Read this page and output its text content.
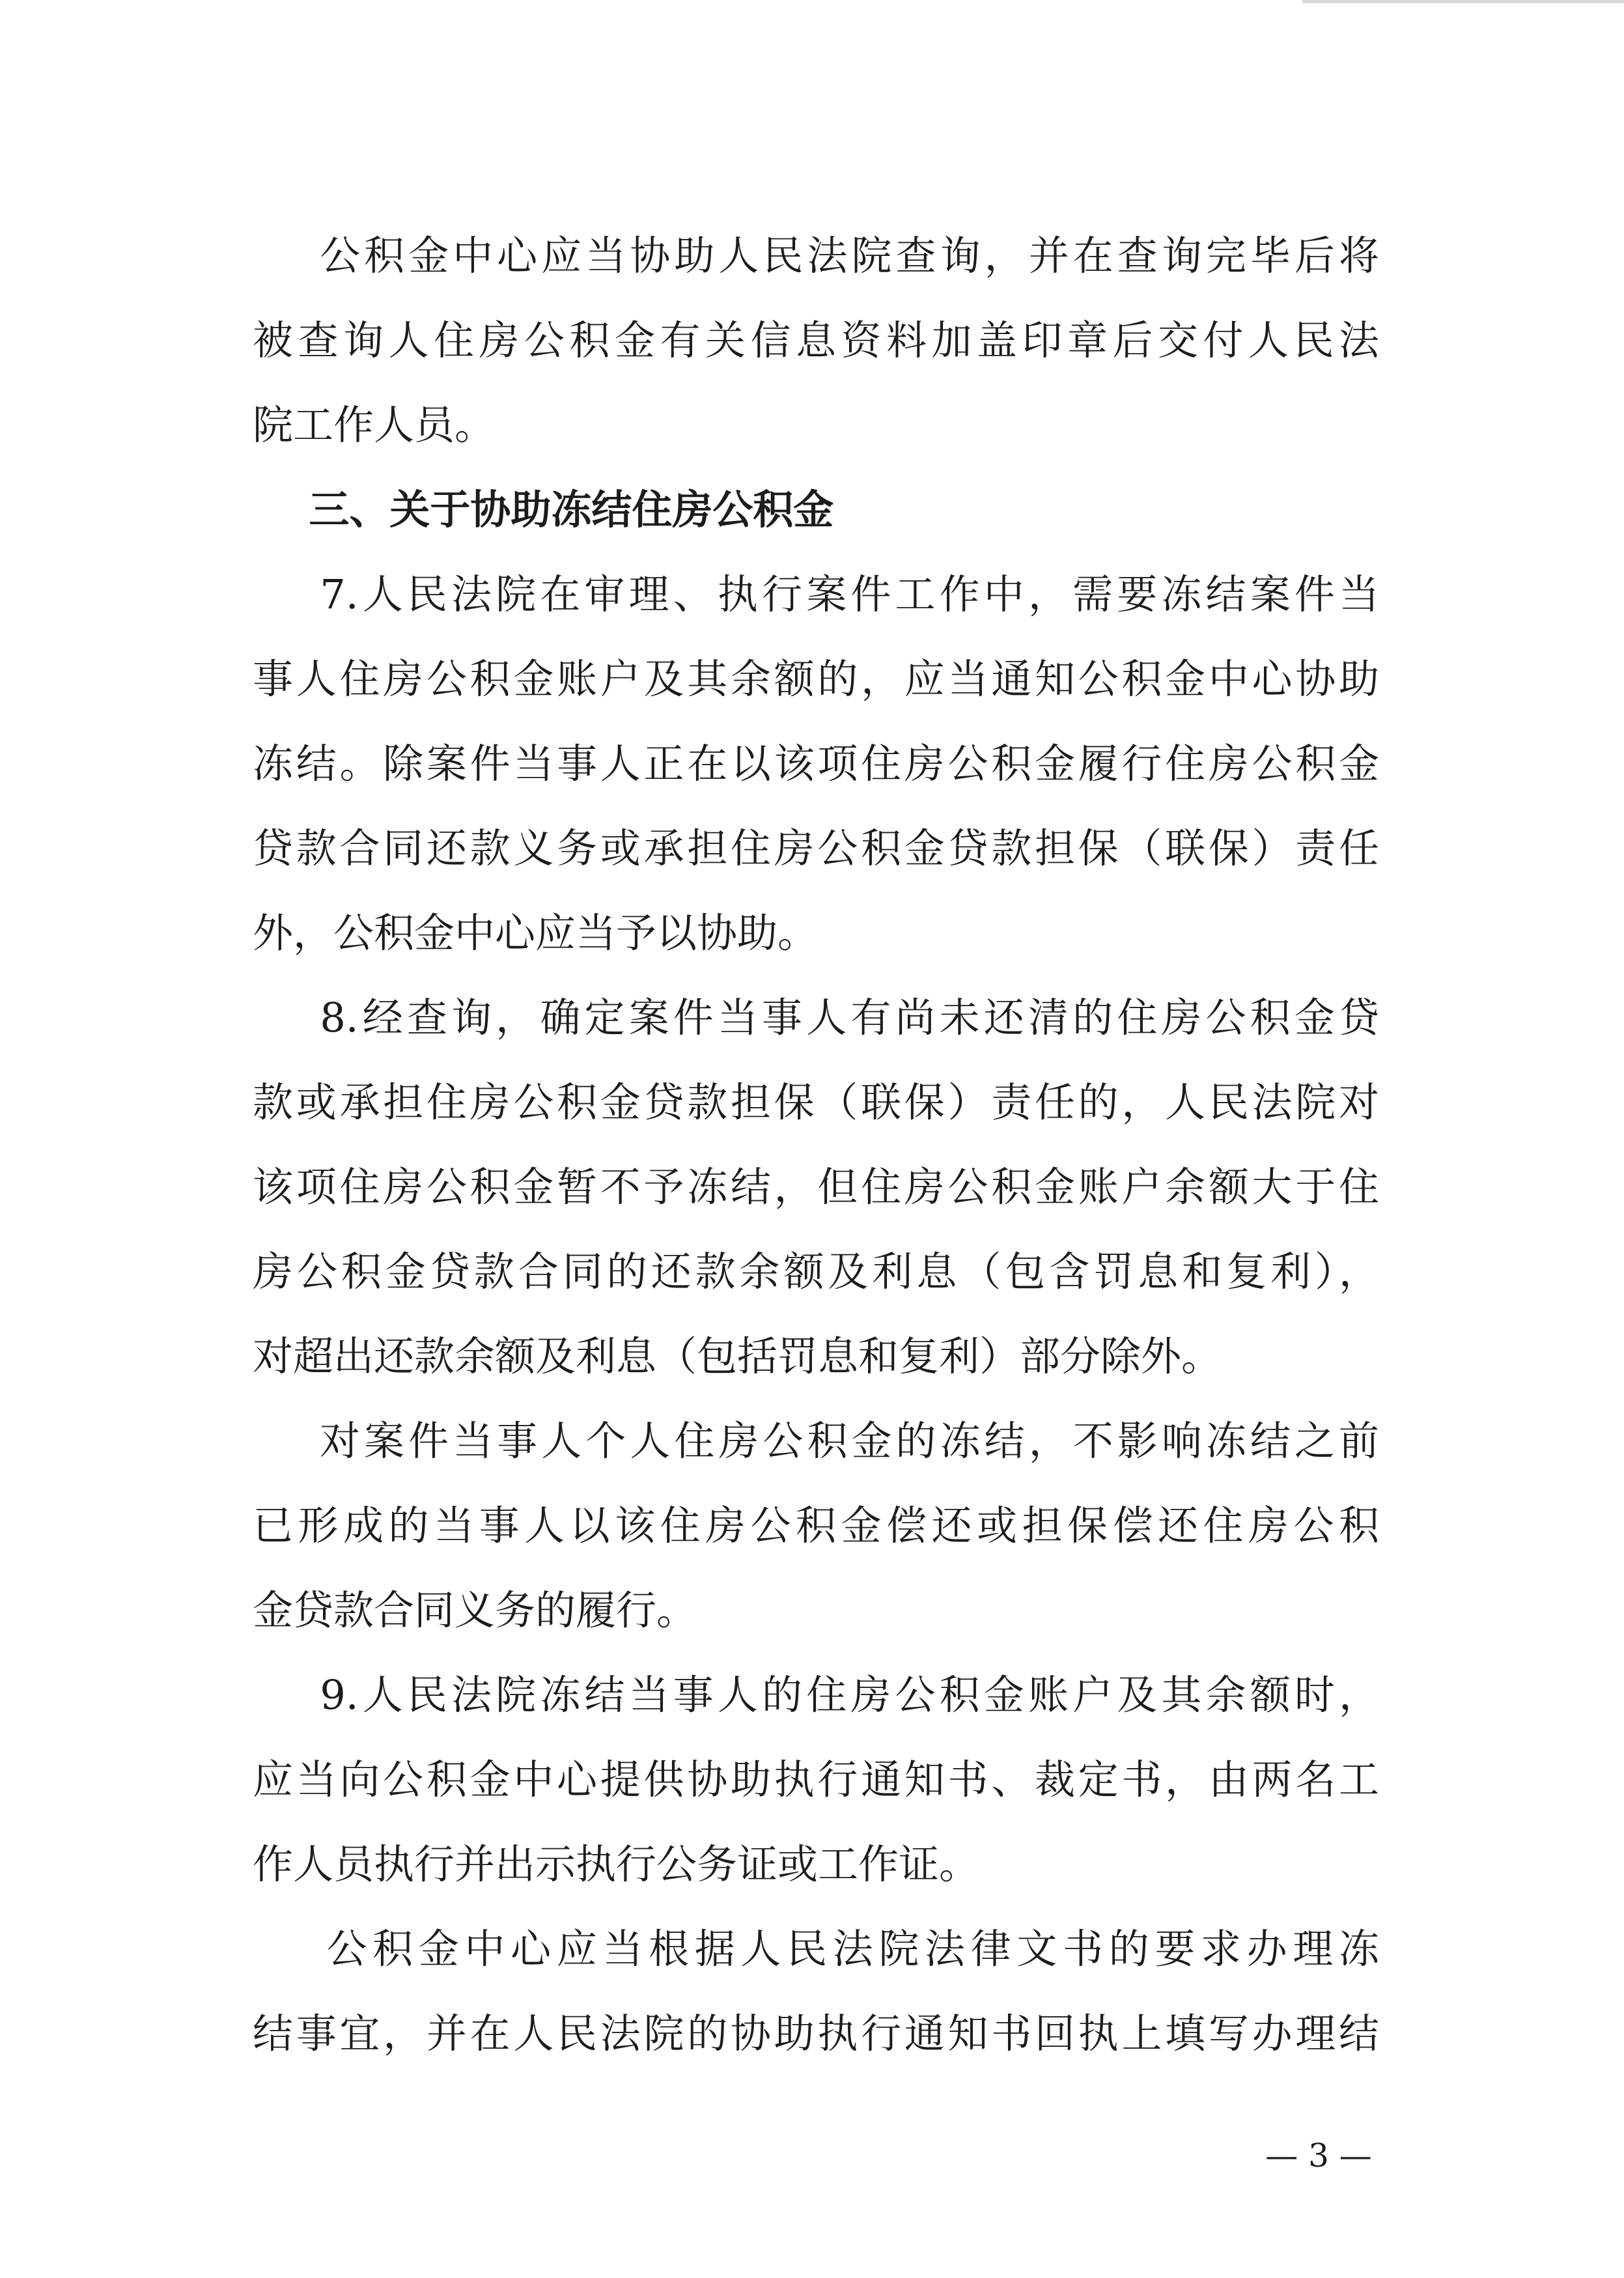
公积金中心应当协助人民法院查询，并在查询完毕后将
被查询人住房公积金有关信息资料加盖印章后交付人民法
院工作人员。
三、关于协助冻结住房公积金
7.人民法院在审理、执行案件工作中，需要冻结案件当
事人住房公积金账户及其余额的，应当通知公积金中心协助
冻结。除案件当事人正在以该项住房公积金履行住房公积金
贷款合同还款义务或承担住房公积金贷款担保（联保）责任
外，公积金中心应当予以协助。
8.经查询，确定案件当事人有尚未还清的住房公积金贷
款或承担住房公积金贷款担保（联保）责任的，人民法院对
该项住房公积金暂不予冻结，但住房公积金账户余额大于住
房公积金贷款合同的还款余额及利息（包含罚息和复利），
对超出还款余额及利息（包括罚息和复利）部分除外。
对案件当事人个人住房公积金的冻结，不影响冻结之前
已形成的当事人以该住房公积金偿还或担保偿还住房公积
金贷款合同义务的履行。
9.人民法院冻结当事人的住房公积金账户及其余额时，
应当向公积金中心提供协助执行通知书、裁定书，由两名工
作人员执行并出示执行公务证或工作证。
公积金中心应当根据人民法院法律文书的要求办理冻
结事宜，并在人民法院的协助执行通知书回执上填写办理结
— 3 —
